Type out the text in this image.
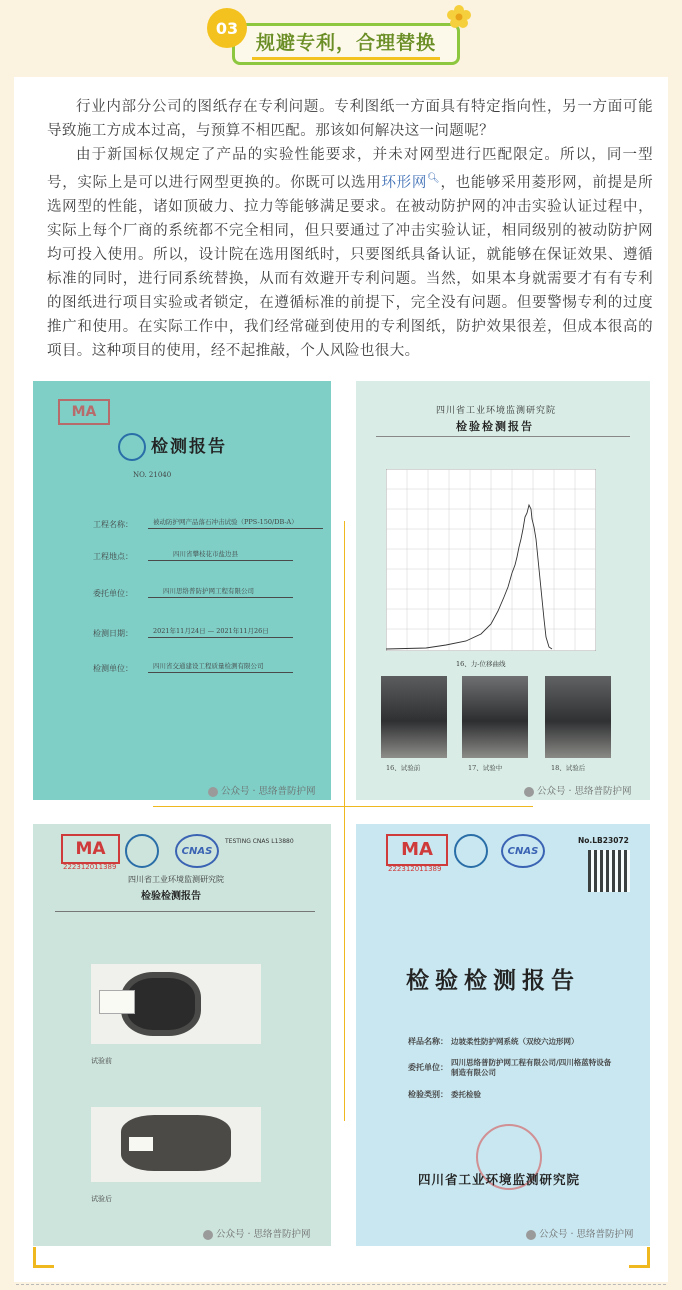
03
规避专利，合理替换

行业内部分公司的图纸存在专利问题。专利图纸一方面具有特定指向性，另一方面可能导致施工方成本过高，与预算不相匹配。那该如何解决这一问题呢？

由于新国标仅规定了产品的实验性能要求，并未对网型进行匹配限定。所以，同一型号，实际上是可以进行网型更换的。你既可以选用环形网🔍︎，也能够采用菱形网，前提是所选网型的性能，诸如顶破力、拉力等能够满足要求。在被动防护网的冲击实验认证过程中，实际上每个厂商的系统都不完全相同，但只要通过了冲击实验认证，相同级别的被动防护网均可投入使用。所以，设计院在选用图纸时，只要图纸具备认证，就能够在保证效果、遵循标准的同时，进行同系统替换，从而有效避开专利问题。当然，如果本身就需要才有有专利的图纸进行项目实验或者锁定，在遵循标准的前提下，完全没有问题。但要警惕专利的过度推广和使用。在实际工作中，我们经常碰到使用的专利图纸，防护效果很差，但成本很高的项目。这种项目的使用，经不起推敲，个人风险也很大。

MA
检测报告
NO. 21040
工程名称：	被动防护网产品落石冲击试验（PPS-150/DB-A）
工程地点：	四川省攀枝花市盐边县
委托单位：	四川思络普防护网工程有限公司
检测日期：	2021年11月24日 — 2021年11月26日
检测单位：	四川省交通建设工程质量检测有限公司
公众号 · 思络普防护网
四川省工业环境监测研究院
检验检测报告
16、力-位移曲线
16、试验前	17、试验中	18、试验后
公众号 · 思络普防护网
MA
222312011389
CNAS
TESTING CNAS L13880
四川省工业环境监测研究院
检验检测报告
试验前
试验后
公众号 · 思络普防护网
MA
222312011389
CNAS
No.LB23072
检验检测报告
样品名称： 边坡柔性防护网系统（双绞六边形网）
委托单位： 四川思络普防护网工程有限公司/四川格蓝特设备制造有限公司
检验类别： 委托检验
四川省工业环境监测研究院
公众号 · 思络普防护网
